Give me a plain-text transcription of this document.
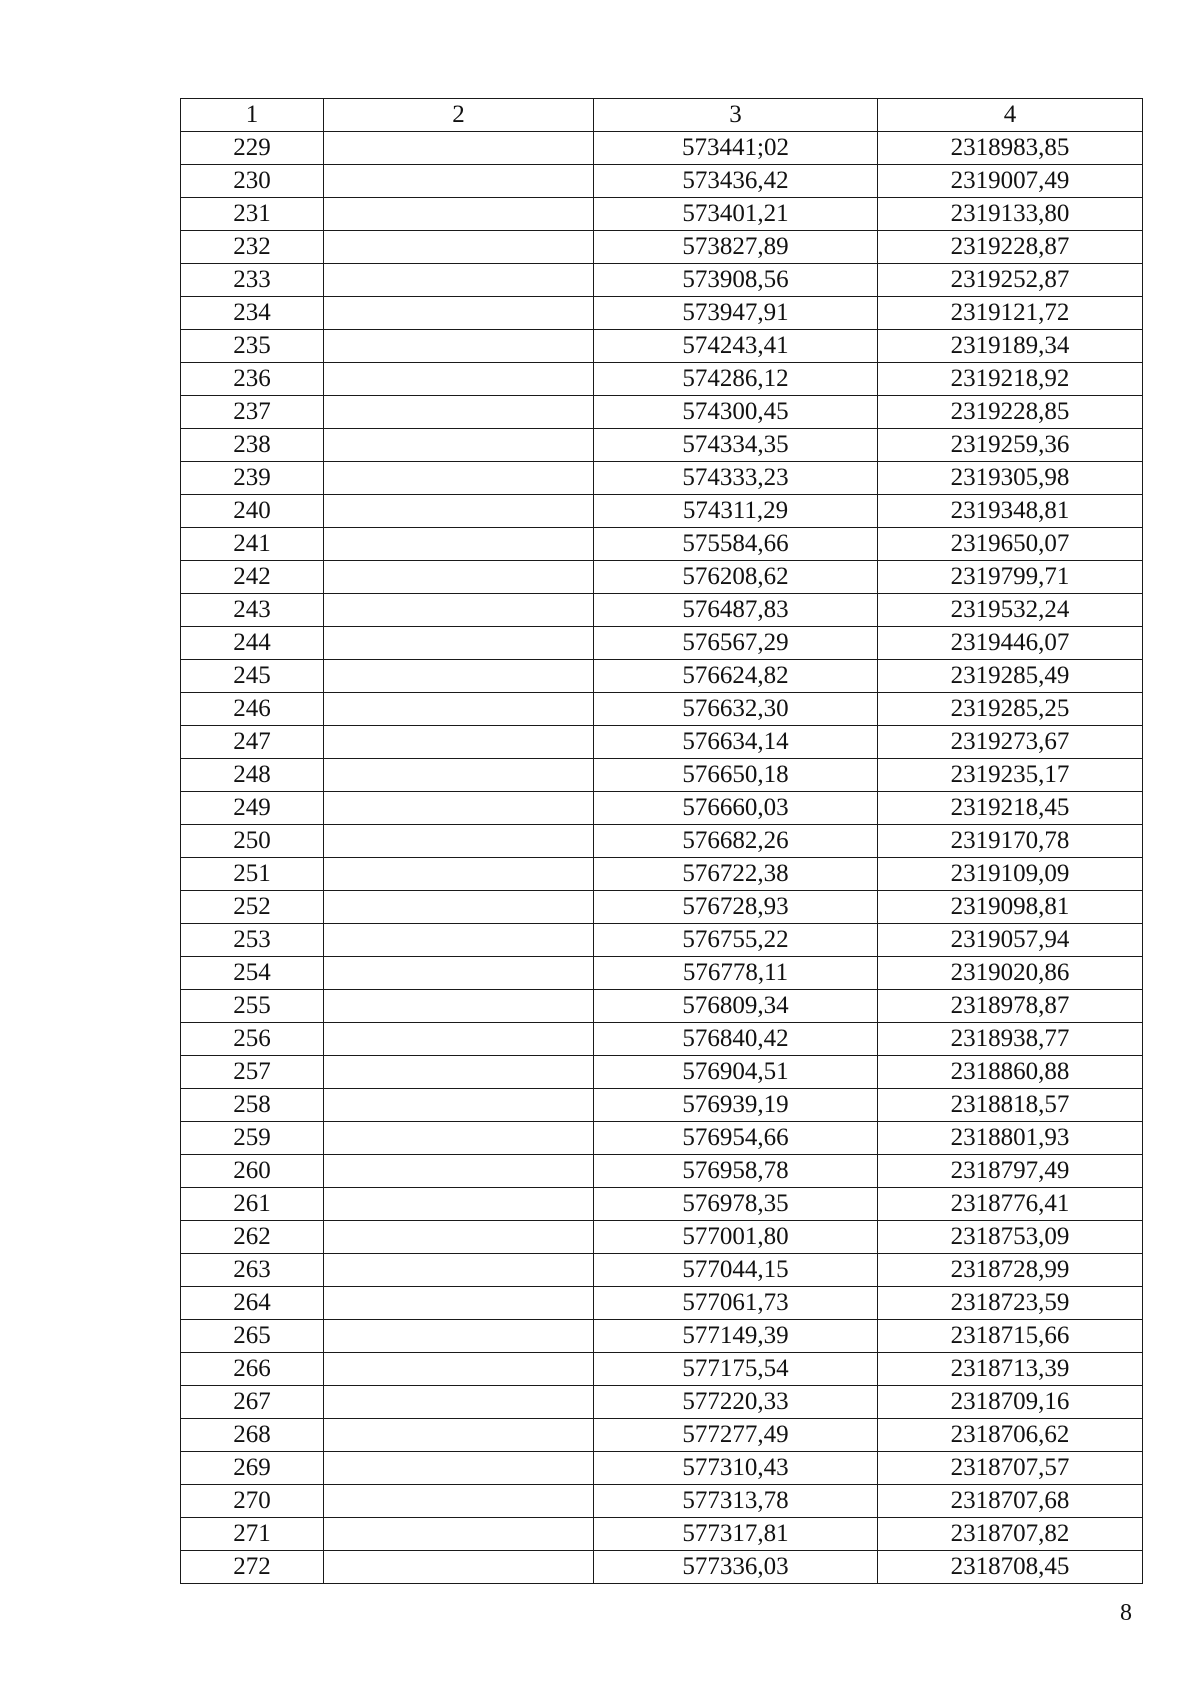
1	2	3	4
229		573441;02	2318983,85
230		573436,42	2319007,49
231		573401,21	2319133,80
232		573827,89	2319228,87
233		573908,56	2319252,87
234		573947,91	2319121,72
235		574243,41	2319189,34
236		574286,12	2319218,92
237		574300,45	2319228,85
238		574334,35	2319259,36
239		574333,23	2319305,98
240		574311,29	2319348,81
241		575584,66	2319650,07
242		576208,62	2319799,71
243		576487,83	2319532,24
244		576567,29	2319446,07
245		576624,82	2319285,49
246		576632,30	2319285,25
247		576634,14	2319273,67
248		576650,18	2319235,17
249		576660,03	2319218,45
250		576682,26	2319170,78
251		576722,38	2319109,09
252		576728,93	2319098,81
253		576755,22	2319057,94
254		576778,11	2319020,86
255		576809,34	2318978,87
256		576840,42	2318938,77
257		576904,51	2318860,88
258		576939,19	2318818,57
259		576954,66	2318801,93
260		576958,78	2318797,49
261		576978,35	2318776,41
262		577001,80	2318753,09
263		577044,15	2318728,99
264		577061,73	2318723,59
265		577149,39	2318715,66
266		577175,54	2318713,39
267		577220,33	2318709,16
268		577277,49	2318706,62
269		577310,43	2318707,57
270		577313,78	2318707,68
271		577317,81	2318707,82
272		577336,03	2318708,45
8
